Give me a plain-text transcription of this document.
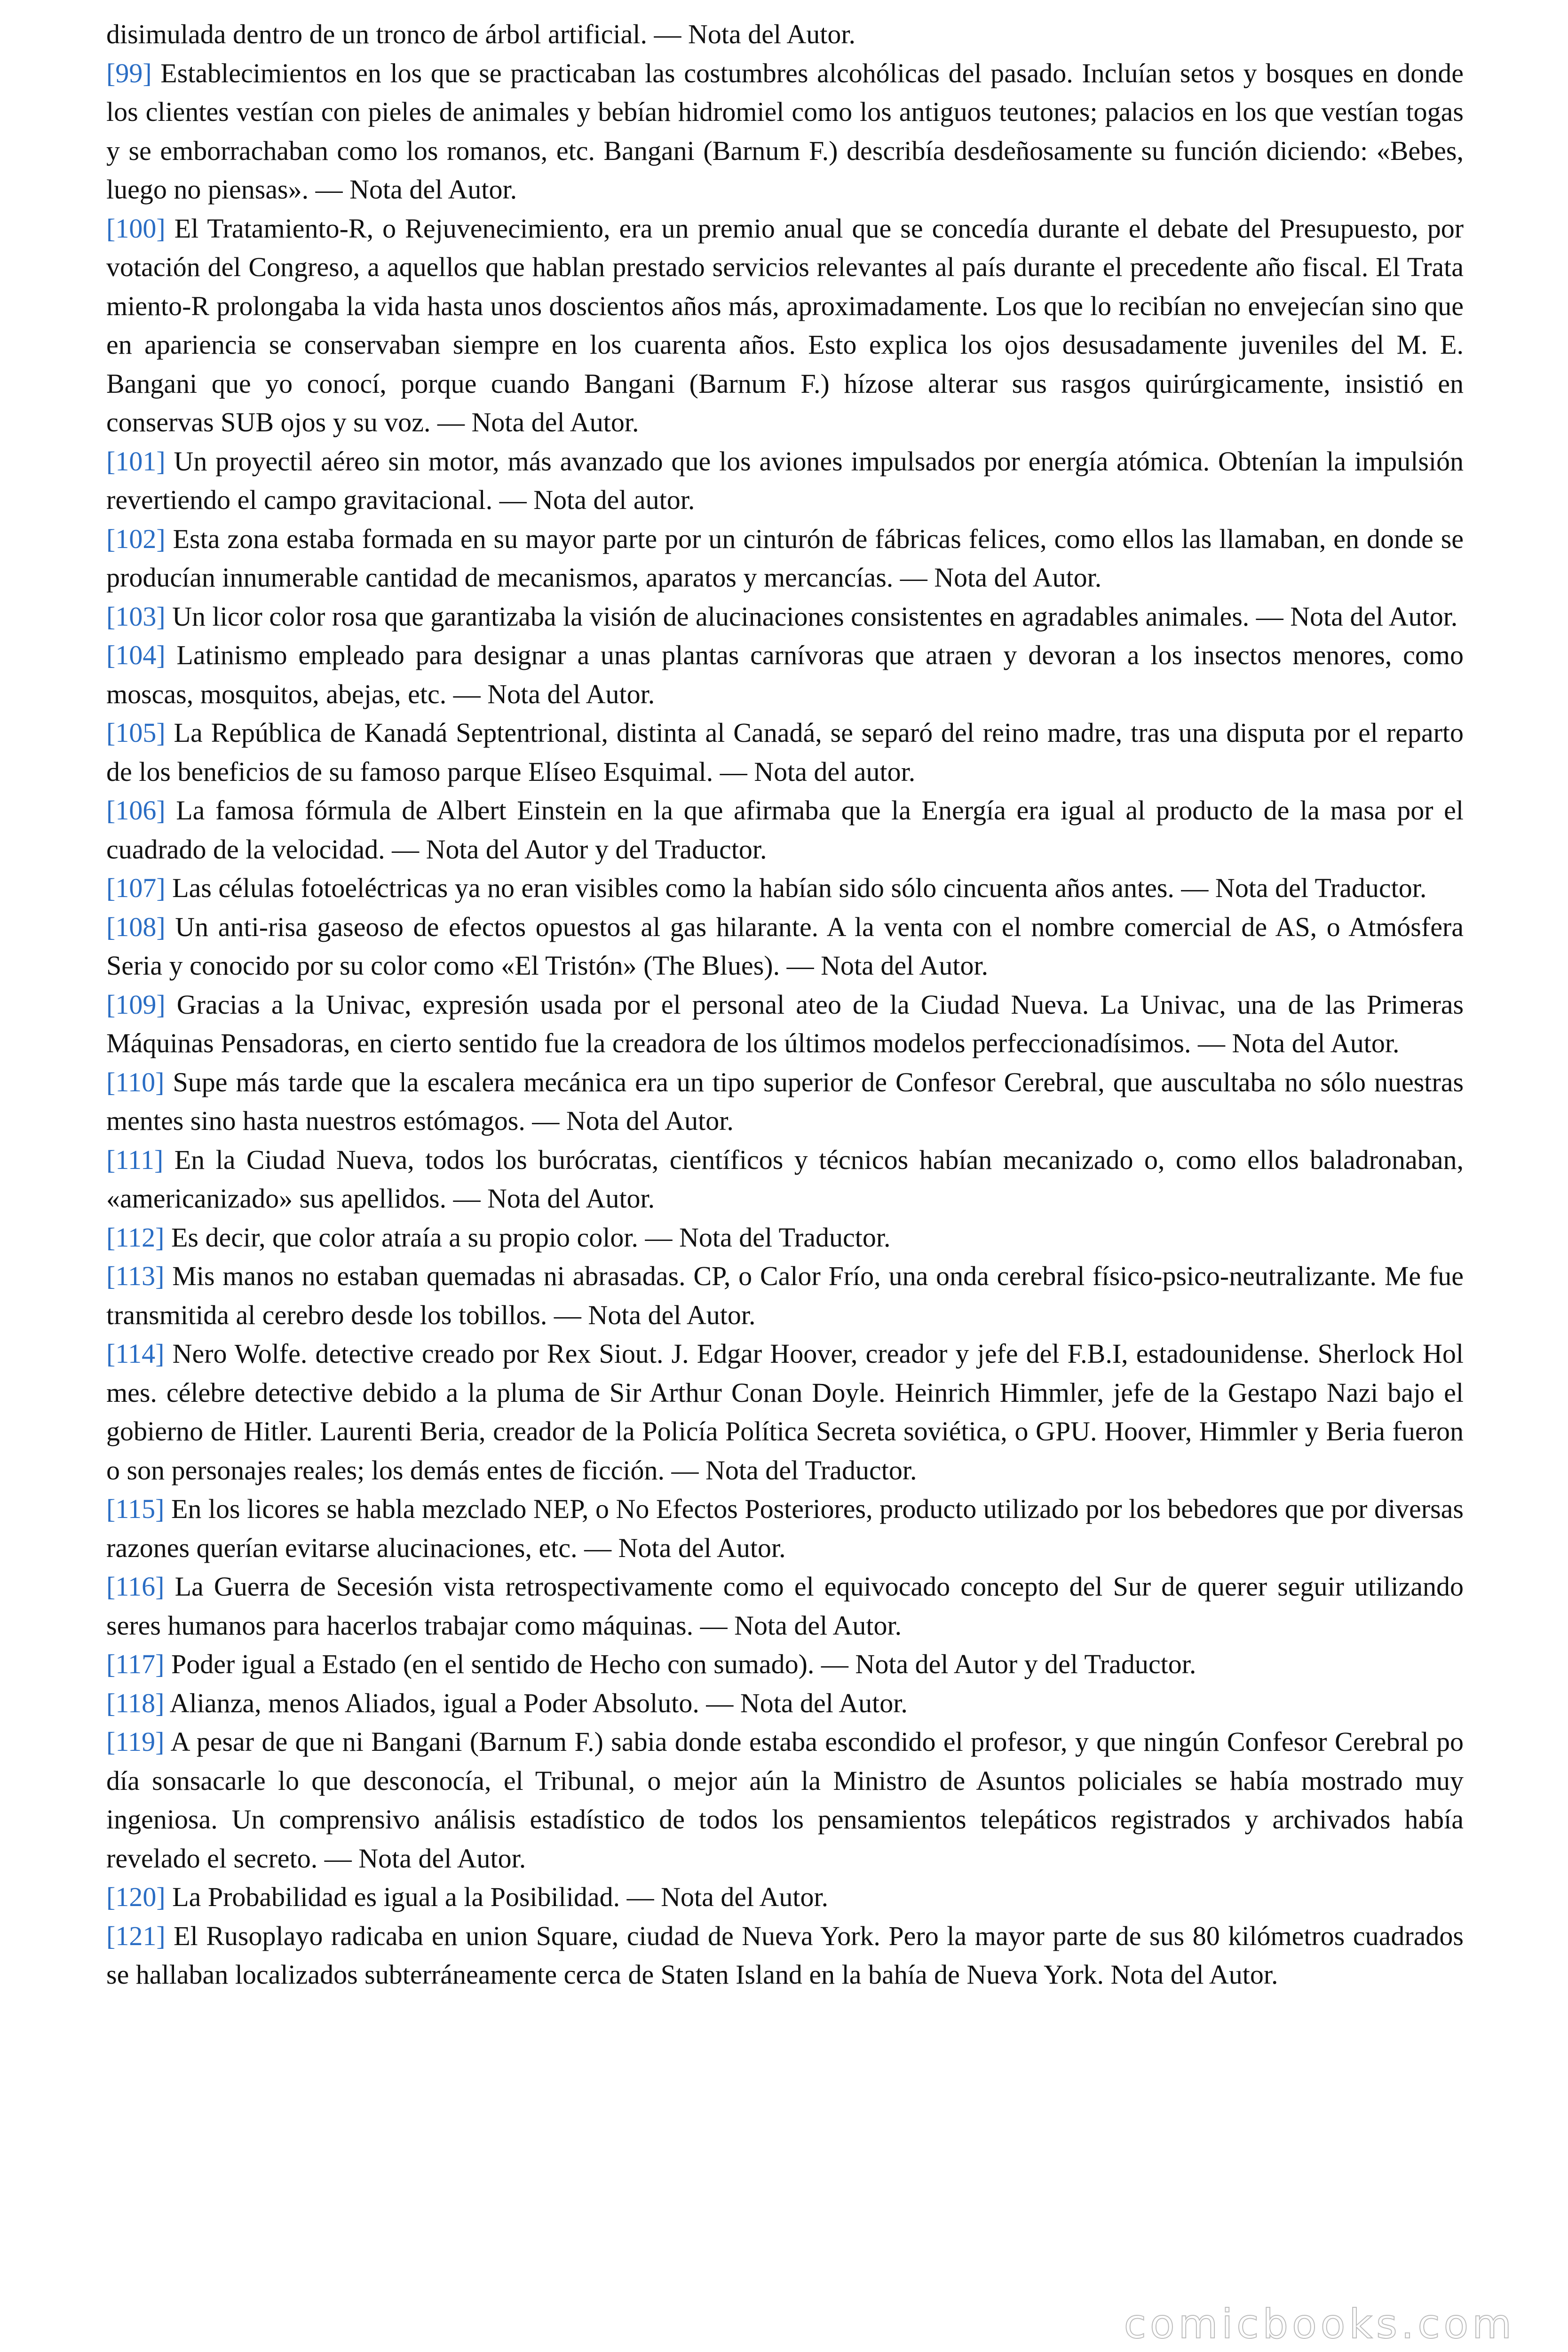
disimulada dentro de un tronco de árbol artificial. — Nota del Autor.

[99] Establecimientos en los que se practicaban las costumbres alcohólicas del pasado. Incluían setos y bosques en donde los clientes vestían con pieles de animales y bebían hidromiel como los antiguos teutones; palacios en los que vestían togas y se emborrachaban como los romanos, etc. Bangani (Barnum F.) describía desdeñosamente su función diciendo: «Bebes, luego no piensas». — Nota del Autor.

[100] El Tratamiento-R, o Rejuvenecimiento, era un premio anual que se concedía durante el debate del Presupuesto, por votación del Congreso, a aquellos que hablan prestado servicios relevantes al país durante el precedente año fiscal. El Trata miento-R prolongaba la vida hasta unos doscientos años más, aproximadamente. Los que lo recibían no envejecían sino que en apariencia se conservaban siempre en los cuarenta años. Esto explica los ojos desusadamente juveniles del M. E. Bangani que yo conocí, porque cuando Bangani (Barnum F.) hízose alterar sus rasgos quirúrgicamente, insistió en conservas SUB ojos y su voz. — Nota del Autor.

[101] Un proyectil aéreo sin motor, más avanzado que los aviones impulsados por energía atómica. Obtenían la impulsión revertiendo el campo gravitacional. — Nota del autor.

[102] Esta zona estaba formada en su mayor parte por un cinturón de fábricas felices, como ellos las llamaban, en donde se producían innumerable cantidad de mecanismos, aparatos y mercancías. — Nota del Autor.

[103] Un licor color rosa que garantizaba la visión de alucinaciones consistentes en agradables animales. — Nota del Autor.

[104] Latinismo empleado para designar a unas plantas carnívoras que atraen y devoran a los insectos menores, como moscas, mosquitos, abejas, etc. — Nota del Autor.

[105] La República de Kanadá Septentrional, distinta al Canadá, se separó del reino madre, tras una disputa por el reparto de los beneficios de su famoso parque Elíseo Esquimal. — Nota del autor.

[106] La famosa fórmula de Albert Einstein en la que afirmaba que la Energía era igual al producto de la masa por el cuadrado de la velocidad. — Nota del Autor y del Traductor.

[107] Las células fotoeléctricas ya no eran visibles como la habían sido sólo cincuenta años antes. — Nota del Traductor.

[108] Un anti-risa gaseoso de efectos opuestos al gas hilarante. A la venta con el nombre comercial de AS, o Atmósfera Seria y conocido por su color como «El Tristón» (The Blues). — Nota del Autor.

[109] Gracias a la Univac, expresión usada por el personal ateo de la Ciudad Nueva. La Univac, una de las Primeras Máquinas Pensadoras, en cierto sentido fue la creadora de los últimos modelos perfeccionadísimos. — Nota del Autor.

[110] Supe más tarde que la escalera mecánica era un tipo superior de Confesor Cerebral, que auscultaba no sólo nuestras mentes sino hasta nuestros estómagos. — Nota del Autor.

[111] En la Ciudad Nueva, todos los burócratas, científicos y técnicos habían mecanizado o, como ellos baladronaban, «americanizado» sus apellidos. — Nota del Autor.

[112] Es decir, que color atraía a su propio color. — Nota del Traductor.

[113] Mis manos no estaban quemadas ni abrasadas. CP, o Calor Frío, una onda cerebral físico-psico-neutralizante. Me fue transmitida al cerebro desde los tobillos. — Nota del Autor.

[114] Nero Wolfe. detective creado por Rex Siout. J. Edgar Hoover, creador y jefe del F.B.I, estadounidense. Sherlock Hol mes. célebre detective debido a la pluma de Sir Arthur Conan Doyle. Heinrich Himmler, jefe de la Gestapo Nazi bajo el gobierno de Hitler. Laurenti Beria, creador de la Policía Política Secreta soviética, o GPU. Hoover, Himmler y Beria fueron o son personajes reales; los demás entes de ficción. — Nota del Traductor.

[115] En los licores se habla mezclado NEP, o No Efectos Posteriores, producto utilizado por los bebedores que por diversas razones querían evitarse alucinaciones, etc. — Nota del Autor.

[116] La Guerra de Secesión vista retrospectivamente como el equivocado concepto del Sur de querer seguir utilizando seres humanos para hacerlos trabajar como máquinas. — Nota del Autor.

[117] Poder igual a Estado (en el sentido de Hecho con sumado). — Nota del Autor y del Traductor.

[118] Alianza, menos Aliados, igual a Poder Absoluto. — Nota del Autor.

[119] A pesar de que ni Bangani (Barnum F.) sabia donde estaba escondido el profesor, y que ningún Confesor Cerebral po día sonsacarle lo que desconocía, el Tribunal, o mejor aún la Ministro de Asuntos policiales se había mostrado muy ingeniosa. Un comprensivo análisis estadístico de todos los pensamientos telepáticos registrados y archivados había revelado el secreto. — Nota del Autor.

[120] La Probabilidad es igual a la Posibilidad. — Nota del Autor.

[121] El Rusoplayo radicaba en union Square, ciudad de Nueva York. Pero la mayor parte de sus 80 kilómetros cuadrados se hallaban localizados subterráneamente cerca de Staten Island en la bahía de Nueva York. Nota del Autor.

comicbooks.com
